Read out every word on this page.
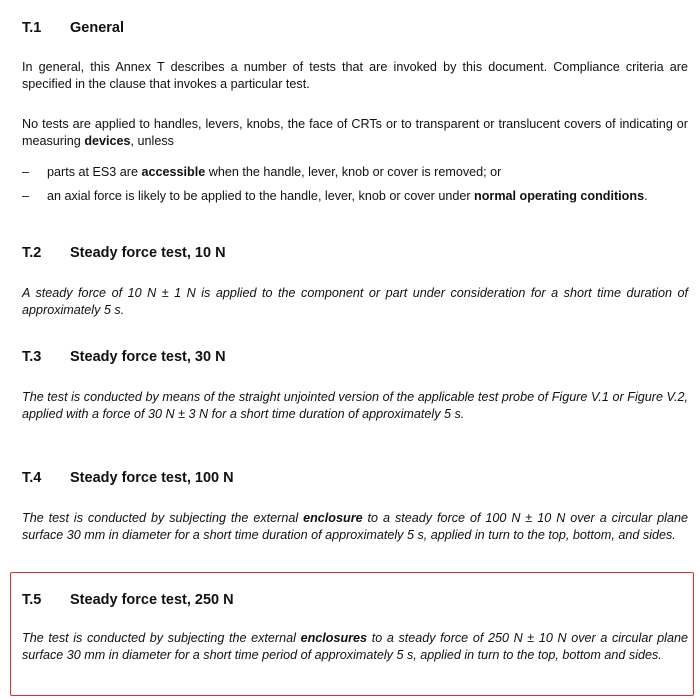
T.1 General
In general, this Annex T describes a number of tests that are invoked by this document. Compliance criteria are specified in the clause that invokes a particular test.
No tests are applied to handles, levers, knobs, the face of CRTs or to transparent or translucent covers of indicating or measuring devices, unless
– parts at ES3 are accessible when the handle, lever, knob or cover is removed; or
– an axial force is likely to be applied to the handle, lever, knob or cover under normal operating conditions.
T.2 Steady force test, 10 N
A steady force of 10 N ± 1 N is applied to the component or part under consideration for a short time duration of approximately 5 s.
T.3 Steady force test, 30 N
The test is conducted by means of the straight unjointed version of the applicable test probe of Figure V.1 or Figure V.2, applied with a force of 30 N ± 3 N for a short time duration of approximately 5 s.
T.4 Steady force test, 100 N
The test is conducted by subjecting the external enclosure to a steady force of 100 N ± 10 N over a circular plane surface 30 mm in diameter for a short time duration of approximately 5 s, applied in turn to the top, bottom, and sides.
T.5 Steady force test, 250 N
The test is conducted by subjecting the external enclosures to a steady force of 250 N ± 10 N over a circular plane surface 30 mm in diameter for a short time period of approximately 5 s, applied in turn to the top, bottom and sides.
